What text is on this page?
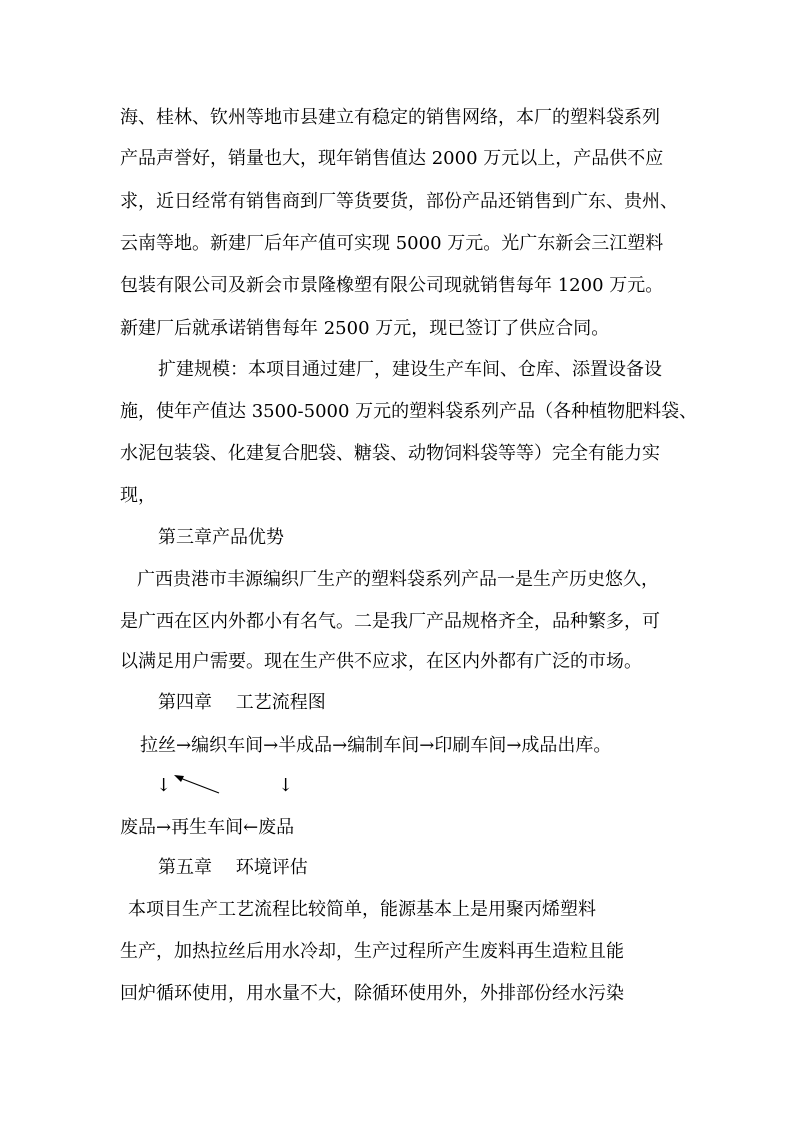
海、桂林、钦州等地市县建立有稳定的销售网络，本厂的塑料袋系列
产品声誉好，销量也大，现年销售值达 2000 万元以上，产品供不应
求，近日经常有销售商到厂等货要货，部份产品还销售到广东、贵州、
云南等地。新建厂后年产值可实现 5000 万元。光广东新会三江塑料
包装有限公司及新会市景隆橡塑有限公司现就销售每年 1200 万元。
新建厂后就承诺销售每年 2500 万元，现已签订了供应合同。
扩建规模：本项目通过建厂，建设生产车间、仓库、添置设备设
施，使年产值达 3500-5000 万元的塑料袋系列产品（各种植物肥料袋、
水泥包装袋、化建复合肥袋、糖袋、动物饲料袋等等）完全有能力实
现，
第三章产品优势
广西贵港市丰源编织厂生产的塑料袋系列产品一是生产历史悠久，
是广西在区内外都小有名气。二是我厂产品规格齐全，品种繁多，可
以满足用户需要。现在生产供不应求，在区内外都有广泛的市场。
第四章　 工艺流程图
拉丝→编织车间→半成品→编制车间→印刷车间→成品出库。
↓	↓
废品→再生车间←废品
第五章　 环境评估
本项目生产工艺流程比较简单，能源基本上是用聚丙烯塑料
生产，加热拉丝后用水冷却，生产过程所产生废料再生造粒且能
回炉循环使用，用水量不大，除循环使用外，外排部份经水污染
